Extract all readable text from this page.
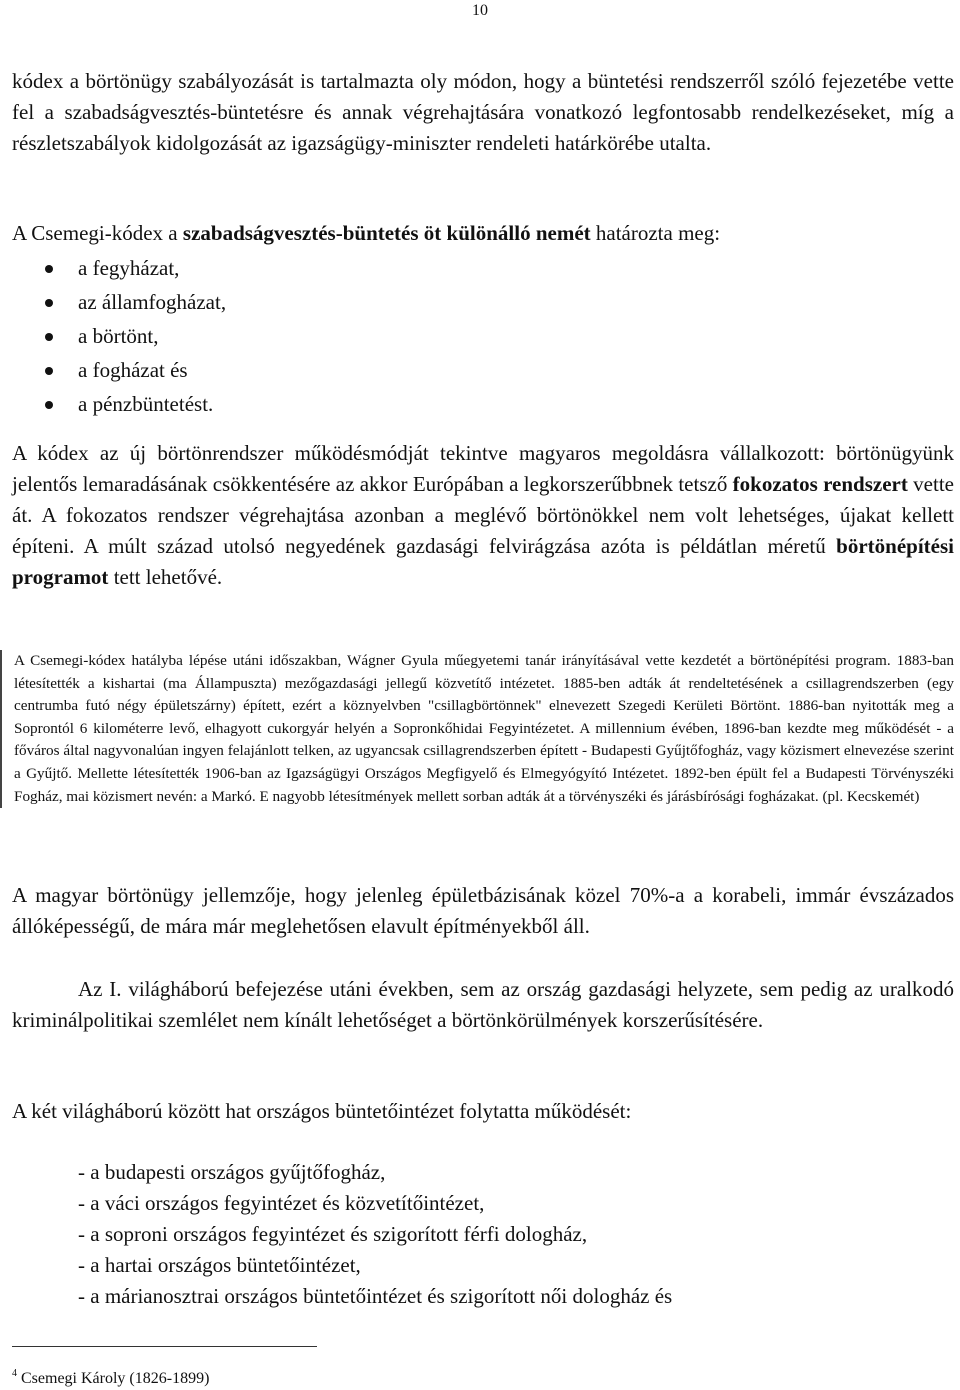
10

kódex a börtönügy szabályozását is tartalmazta oly módon, hogy a büntetési rendszerről szóló fejezetébe vette fel a szabadságvesztés-büntetésre és annak végrehajtására vonatkozó legfontosabb rendelkezéseket, míg a részletszabályok kidolgozását az igazságügy-miniszter rendeleti határkörébe utalta.

A Csemegi-kódex a szabadságvesztés-büntetés öt különálló nemét határozta meg:

a fegyházat,
az államfogházat,
a börtönt,
a fogházat és
a pénzbüntetést.

A kódex az új börtönrendszer működésmódját tekintve magyaros megoldásra vállalkozott: börtönügyünk jelentős lemaradásának csökkentésére az akkor Európában a legkorszerűbbnek tetsző fokozatos rendszert vette át. A fokozatos rendszer végrehajtása azonban a meglévő börtönökkel nem volt lehetséges, újakat kellett építeni. A múlt század utolsó negyedének gazdasági felvirágzása azóta is példátlan méretű börtönépítési programot tett lehetővé.

A Csemegi-kódex hatályba lépése utáni időszakban, Wágner Gyula műegyetemi tanár irányításával vette kezdetét a börtönépítési program. 1883-ban létesítették a kishartai (ma Állampuszta) mezőgazdasági jellegű közvetítő intézetet. 1885-ben adták át rendeltetésének a csillagrendszerben (egy centrumba futó négy épületszárny) épített, ezért a köznyelvben "csillagbörtönnek" elnevezett Szegedi Kerületi Börtönt. 1886-ban nyitották meg a Soprontól 6 kilométerre levő, elhagyott cukorgyár helyén a Sopronkőhidai Fegyintézetet. A millennium évében, 1896-ban kezdte meg működését - a főváros által nagyvonalúan ingyen felajánlott telken, az ugyancsak csillagrendszerben épített - Budapesti Gyűjtőfogház, vagy közismert elnevezése szerint a Gyűjtő. Mellette létesítették 1906-ban az Igazságügyi Országos Megfigyelő és Elmegyógyító Intézetet. 1892-ben épült fel a Budapesti Törvényszéki Fogház, mai közismert nevén: a Markó. E nagyobb létesítmények mellett sorban adták át a törvényszéki és járásbírósági fogházakat. (pl. Kecskemét)

A magyar börtönügy jellemzője, hogy jelenleg épületbázisának közel 70%-a a korabeli, immár évszázados állóképességű, de mára már meglehetősen elavult építményekből áll.

Az I. világháború befejezése utáni években, sem az ország gazdasági helyzete, sem pedig az uralkodó kriminálpolitikai szemlélet nem kínált lehetőséget a börtönkörülmények korszerűsítésére.

A két világháború között hat országos büntetőintézet folytatta működését:

- a budapesti országos gyűjtőfogház,
- a váci országos fegyintézet és közvetítőintézet,
- a soproni országos fegyintézet és szigorított férfi dologház,
- a hartai országos büntetőintézet,
- a márianosztrai országos büntetőintézet és szigorított női dologház és

$^4$ Csemegi Károly (1826-1899)
